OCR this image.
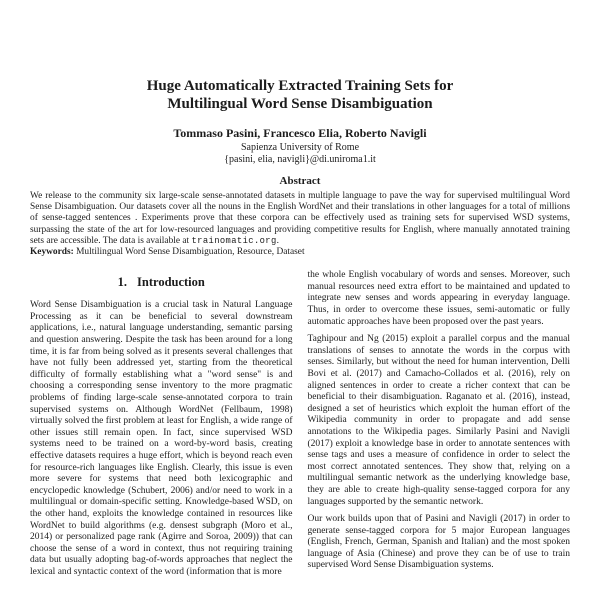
Huge Automatically Extracted Training Sets for
Multilingual Word Sense Disambiguation
Tommaso Pasini, Francesco Elia, Roberto Navigli
Sapienza University of Rome
{pasini, elia, navigli}@di.uniroma1.it
Abstract

We release to the community six large-scale sense-annotated datasets in multiple language to pave the way for supervised multilingual Word Sense Disambiguation. Our datasets cover all the nouns in the English WordNet and their translations in other languages for a total of millions of sense-tagged sentences . Experiments prove that these corpora can be effectively used as training sets for supervised WSD systems, surpassing the state of the art for low-resourced languages and providing competitive results for English, where manually annotated training sets are accessible. The data is available at trainomatic.org.

Keywords: Multilingual Word Sense Disambiguation, Resource, Dataset

1. Introduction

Word Sense Disambiguation is a crucial task in Natural Language Processing as it can be beneficial to several downstream applications, i.e., natural language understanding, semantic parsing and question answering. Despite the task has been around for a long time, it is far from being solved as it presents several challenges that have not fully been addressed yet, starting from the theoretical difficulty of formally establishing what a "word sense" is and choosing a corresponding sense inventory to the more pragmatic problems of finding large-scale sense-annotated corpora to train supervised systems on. Although WordNet (Fellbaum, 1998) virtually solved the first problem at least for English, a wide range of other issues still remain open. In fact, since supervised WSD systems need to be trained on a word-by-word basis, creating effective datasets requires a huge effort, which is beyond reach even for resource-rich languages like English. Clearly, this issue is even more severe for systems that need both lexicographic and encyclopedic knowledge (Schubert, 2006) and/or need to work in a multilingual or domain-specific setting. Knowledge-based WSD, on the other hand, exploits the knowledge contained in resources like WordNet to build algorithms (e.g. densest subgraph (Moro et al., 2014) or personalized page rank (Agirre and Soroa, 2009)) that can choose the sense of a word in context, thus not requiring training data but usually adopting bag-of-words approaches that neglect the lexical and syntactic context of the word (information that is more

the whole English vocabulary of words and senses. Moreover, such manual resources need extra effort to be maintained and updated to integrate new senses and words appearing in everyday language. Thus, in order to overcome these issues, semi-automatic or fully automatic approaches have been proposed over the past years.

Taghipour and Ng (2015) exploit a parallel corpus and the manual translations of senses to annotate the words in the corpus with senses. Similarly, but without the need for human intervention, Delli Bovi et al. (2017) and Camacho-Collados et al. (2016), rely on aligned sentences in order to create a richer context that can be beneficial to their disambiguation. Raganato et al. (2016), instead, designed a set of heuristics which exploit the human effort of the Wikipedia community in order to propagate and add sense annotations to the Wikipedia pages. Similarly Pasini and Navigli (2017) exploit a knowledge base in order to annotate sentences with sense tags and uses a measure of confidence in order to select the most correct annotated sentences. They show that, relying on a multilingual semantic network as the underlying knowledge base, they are able to create high-quality sense-tagged corpora for any languages supported by the semantic network.

Our work builds upon that of Pasini and Navigli (2017) in order to generate sense-tagged corpora for 5 major European languages (English, French, German, Spanish and Italian) and the most spoken language of Asia (Chinese) and prove they can be of use to train supervised Word Sense Disambiguation systems.
